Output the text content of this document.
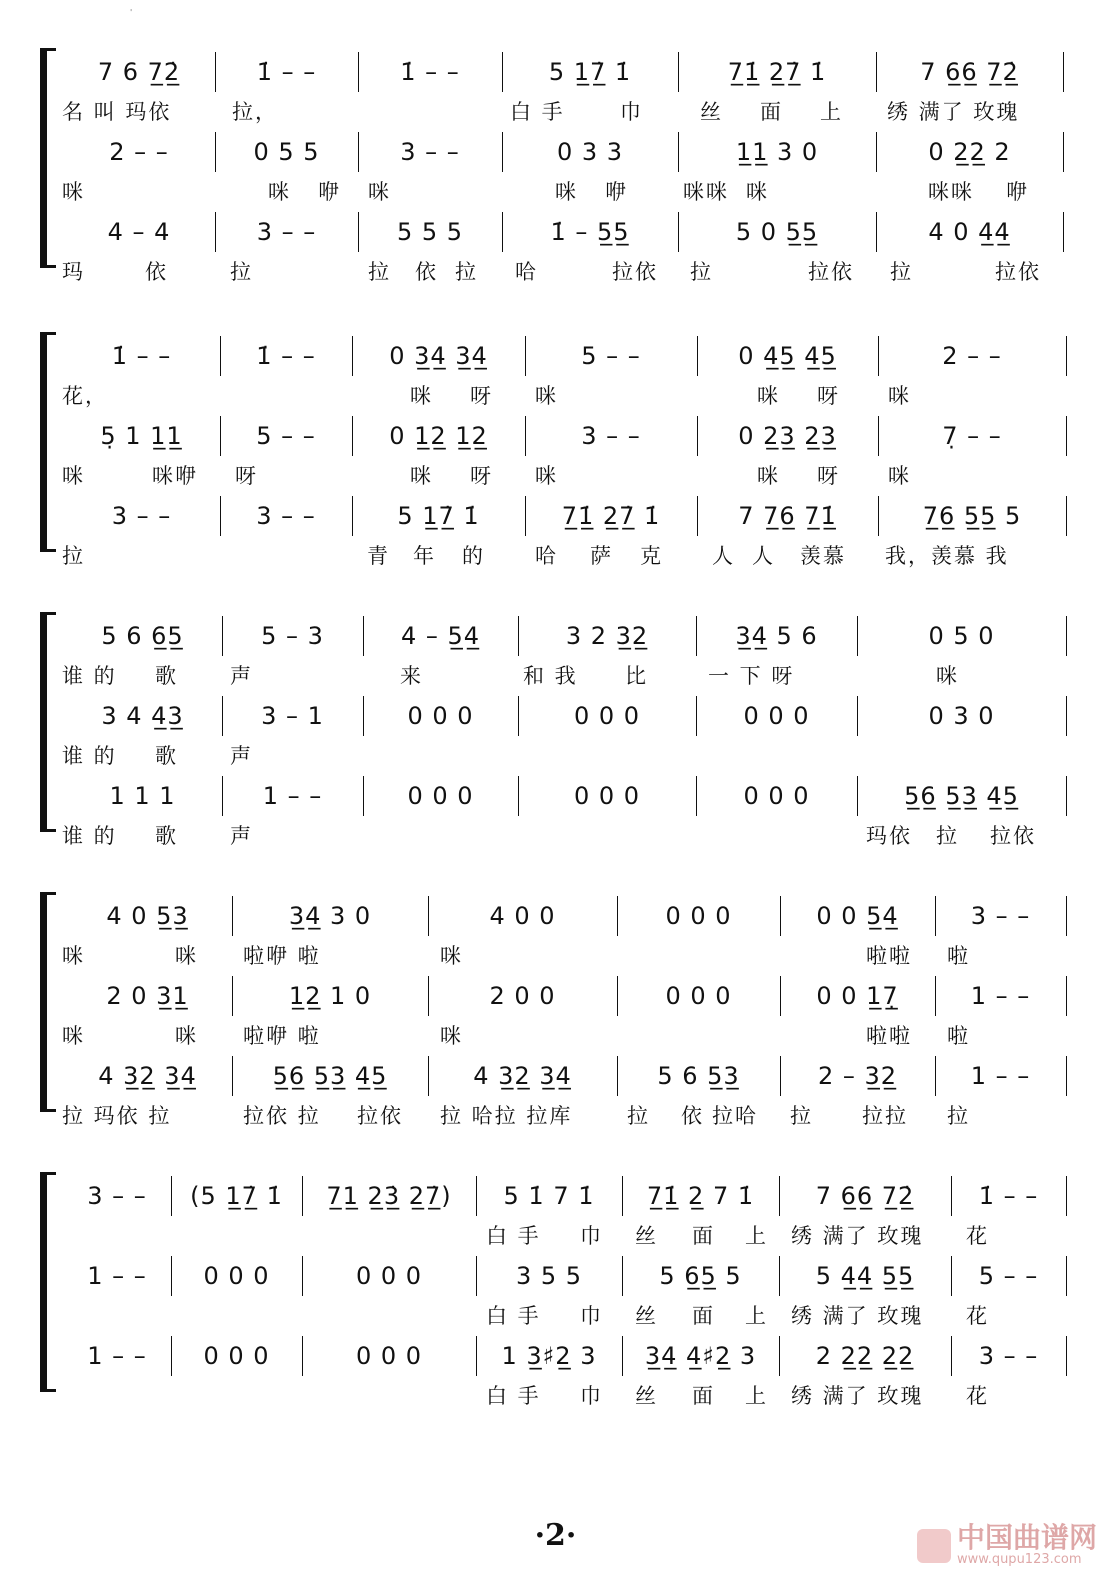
7 6 7̲2̲̇	1̇ – –	1̇ – –	5 1̲7̲̇ 1̇	7̲1̲̇ 2̲7̲̇ 1̇	7 6̲6̲ 7̲2̲̇
名 叫 玛依	拉，	白 手	巾	丝 面 上 绣 满了 玫瑰
2 – –	0 5 5	3 – –	0 3 3	1̲1̲ 3 0	0 2̲2̲ 2
咪	咪 咿 咪	咪 咿	咪咪 咪	咪咪 咿
4 – 4	3 – –	5 5 5	1̇ – 5̲5̲	5 0 5̲5̲	4 0 4̲4̲
玛	依	拉	拉 依 拉 哈	拉依 拉	拉依 拉	拉依
1̇ – –	1̇ – –	0 3̲4̲ 3̲4̲	5 – –	0 4̲5̲ 4̲5̲	2 – –
花，	咪 呀 咪	咪 呀 咪
5̣ 1 1̲1̲	5 – –	0 1̲2̲ 1̲2̲	3 – –	0 2̲3̲ 2̲3̲	7̣ – –
咪	咪咿 呀	咪 呀 咪	咪 呀 咪
3 – –	3 – –	5 1̲7̲̇ 1̇	7̲1̲̇ 2̲7̲̇ 1̇	7 7̲6̲ 7̲1̲̇	7̲6̲ 5̲5̲ 5
拉	青 年 的 哈 萨 克 人 人 羡慕 我，羡慕 我
5 6 6̲5̲	5 – 3	4 – 5̲4̲	3 2 3̲2̲	3̲4̲ 5 6	0 5 0
谁 的 歌 声	来	和 我 比	一 下 呀	咪
3 4 4̲3̲	3 – 1	0 0 0	0 0 0	0 0 0	0 3 0
谁 的 歌 声
1 1 1	1 – –	0 0 0	0 0 0	0 0 0	5̲6̲ 5̲3̲ 4̲5̲
谁 的 歌 声	玛依 拉 拉依
4 0 5̲3̲	3̲4̲ 3 0	4 0 0	0 0 0	0 0 5̲4̲	3 – –
咪	咪 啦咿 啦	咪	啦啦 啦
2 0 3̲1̲	1̲2̲ 1 0	2 0 0	0 0 0	0 0 1̲7̲̣	1 – –
咪	咪 啦咿 啦	咪	啦啦 啦
4 3̲2̲ 3̲4̲	5̲6̲ 5̲3̲ 4̲5̲	4 3̲2̲ 3̲4̲	5 6 5̲3̲	2 – 3̲2̲	1 – –
拉 玛依 拉	拉依 拉 拉依 拉 哈拉 拉库	拉 依 拉哈 拉 拉拉 拉
3 – –	(5 1̲7̲̇ 1̇	7̲1̲ 2̲3̲̇ 2̲7̲̇)	5 1̇ 7 1̇	7̲1̲̇ 2̲ 7 1̇	7 6̲6̲ 7̲2̲̇	1̇ – –
白 手 巾 丝 面 上 绣 满了 玫瑰 花
1 – –	0 0 0	0 0 0	3 5 5	5 6̲5̲ 5	5 4̲4̲ 5̲5̲	5 – –
白 手 巾 丝 面 上 绣 满了 玫瑰 花
1 – –	0 0 0	0 0 0	1 3̲♯2̲ 3	3̲4̲ 4̲♯2̲ 3	2 2̲2̲ 2̲2̲	3 – –
白 手 巾 丝 面 上 绣 满了 玫瑰 花
'
·2·	中国曲谱网
www.qupu123.com
